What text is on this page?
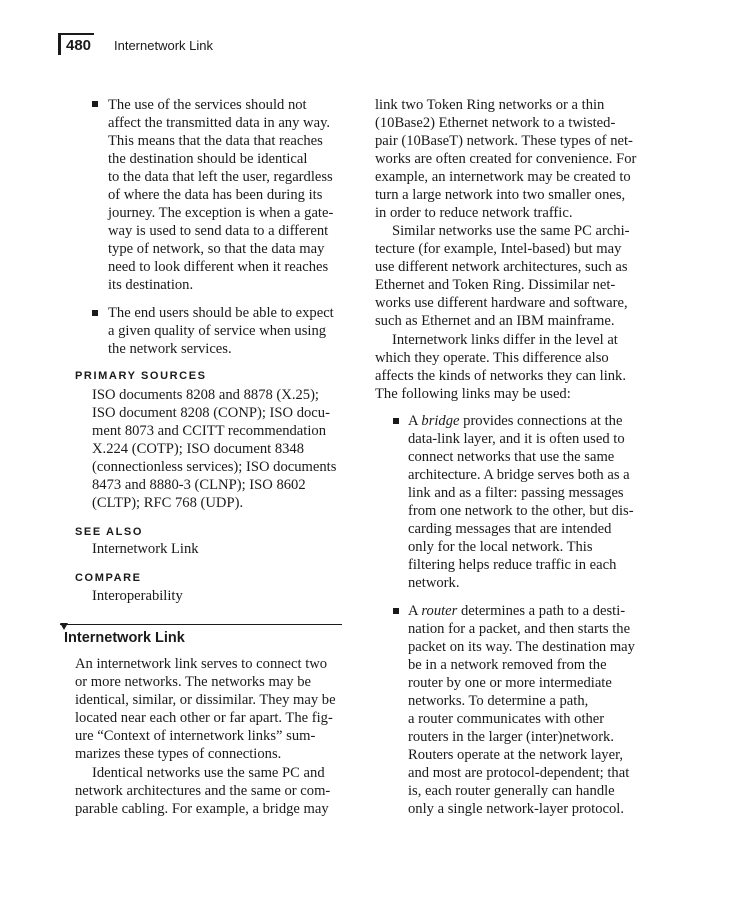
480 Internetwork Link
The use of the services should not
affect the transmitted data in any way.
This means that the data that reaches
the destination should be identical
to the data that left the user, regardless
of where the data has been during its
journey. The exception is when a gate-
way is used to send data to a different
type of network, so that the data may
need to look different when it reaches
its destination.
The end users should be able to expect
a given quality of service when using
the network services.
PRIMARY SOURCES
ISO documents 8208 and 8878 (X.25);
ISO document 8208 (CONP); ISO docu-
ment 8073 and CCITT recommendation
X.224 (COTP); ISO document 8348
(connectionless services); ISO documents
8473 and 8880-3 (CLNP); ISO 8602
(CLTP); RFC 768 (UDP).
SEE ALSO
Internetwork Link
COMPARE
Interoperability
Internetwork Link
An internetwork link serves to connect two
or more networks. The networks may be
identical, similar, or dissimilar. They may be
located near each other or far apart. The fig-
ure “Context of internetwork links” sum-
marizes these types of connections.
Identical networks use the same PC and
network architectures and the same or com-
parable cabling. For example, a bridge may
link two Token Ring networks or a thin
(10Base2) Ethernet network to a twisted-
pair (10BaseT) network. These types of net-
works are often created for convenience. For
example, an internetwork may be created to
turn a large network into two smaller ones,
in order to reduce network traffic.
Similar networks use the same PC archi-
tecture (for example, Intel-based) but may
use different network architectures, such as
Ethernet and Token Ring. Dissimilar net-
works use different hardware and software,
such as Ethernet and an IBM mainframe.
Internetwork links differ in the level at
which they operate. This difference also
affects the kinds of networks they can link.
The following links may be used:
A bridge provides connections at the
data-link layer, and it is often used to
connect networks that use the same
architecture. A bridge serves both as a
link and as a filter: passing messages
from one network to the other, but dis-
carding messages that are intended
only for the local network. This
filtering helps reduce traffic in each
network.
A router determines a path to a desti-
nation for a packet, and then starts the
packet on its way. The destination may
be in a network removed from the
router by one or more intermediate
networks. To determine a path,
a router communicates with other
routers in the larger (inter)network.
Routers operate at the network layer,
and most are protocol-dependent; that
is, each router generally can handle
only a single network-layer protocol.
